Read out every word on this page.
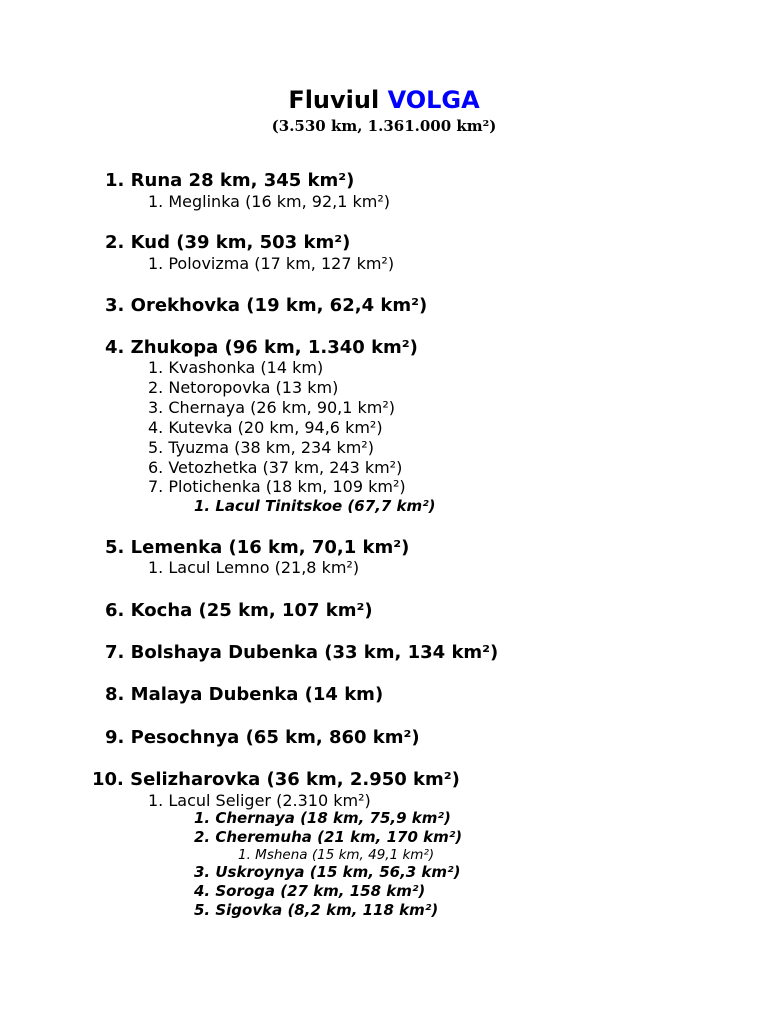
Fluviul VOLGA
(3.530 km, 1.361.000 km²)
1. Runa 28 km, 345 km²)
1. Meglinka (16 km, 92,1 km²)
2. Kud (39 km, 503 km²)
1. Polovizma (17 km, 127 km²)
3. Orekhovka (19 km, 62,4 km²)
4. Zhukopa (96 km, 1.340 km²)
1. Kvashonka (14 km)
2. Netoropovka (13 km)
3. Chernaya (26 km, 90,1 km²)
4. Kutevka (20 km, 94,6 km²)
5. Tyuzma (38 km, 234 km²)
6. Vetozhetka (37 km, 243 km²)
7. Plotichenka (18 km, 109 km²)
1. Lacul Tinitskoe (67,7 km²)
5. Lemenka (16 km, 70,1 km²)
1. Lacul Lemno (21,8 km²)
6. Kocha (25 km, 107 km²)
7. Bolshaya Dubenka (33 km, 134 km²)
8. Malaya Dubenka (14 km)
9. Pesochnya (65 km, 860 km²)
10. Selizharovka (36 km, 2.950 km²)
1. Lacul Seliger (2.310 km²)
1. Chernaya (18 km, 75,9 km²)
2. Cheremuha (21 km, 170 km²)
1. Mshena (15 km, 49,1 km²)
3. Uskroynya (15 km, 56,3 km²)
4. Soroga (27 km, 158 km²)
5. Sigovka (8,2 km, 118 km²)
